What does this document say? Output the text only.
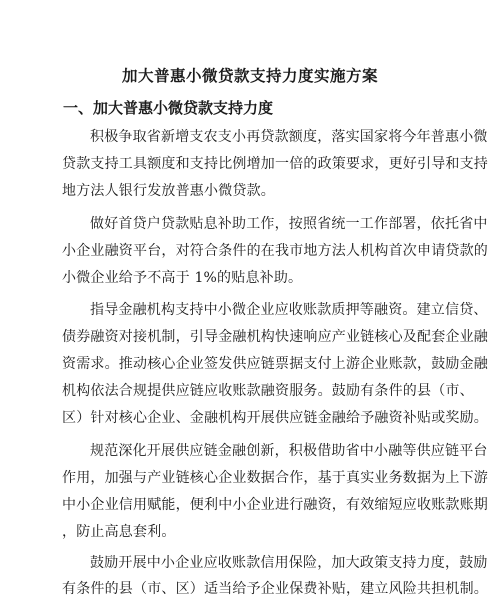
加大普惠小微贷款支持力度实施方案
一、加大普惠小微贷款支持力度
积极争取省新增支农支小再贷款额度，落实国家将今年普惠小微
贷款支持工具额度和支持比例增加一倍的政策要求，更好引导和支持
地方法人银行发放普惠小微贷款。
做好首贷户贷款贴息补助工作，按照省统一工作部署，依托省中
小企业融资平台，对符合条件的在我市地方法人机构首次申请贷款的
小微企业给予不高于 1%的贴息补助。
指导金融机构支持中小微企业应收账款质押等融资。建立信贷、
债券融资对接机制，引导金融机构快速响应产业链核心及配套企业融
资需求。推动核心企业签发供应链票据支付上游企业账款，鼓励金融
机构依法合规提供应链应收账款融资服务。鼓励有条件的县（市、
区）针对核心企业、金融机构开展供应链金融给予融资补贴或奖励。
规范深化开展供应链金融创新，积极借助省中小融等供应链平台
作用，加强与产业链核心企业数据合作，基于真实业务数据为上下游
中小企业信用赋能，便利中小企业进行融资，有效缩短应收账款账期
，防止高息套利。
鼓励开展中小企业应收账款信用保险，加大政策支持力度，鼓励
有条件的县（市、区）适当给予企业保费补贴，建立风险共担机制。
